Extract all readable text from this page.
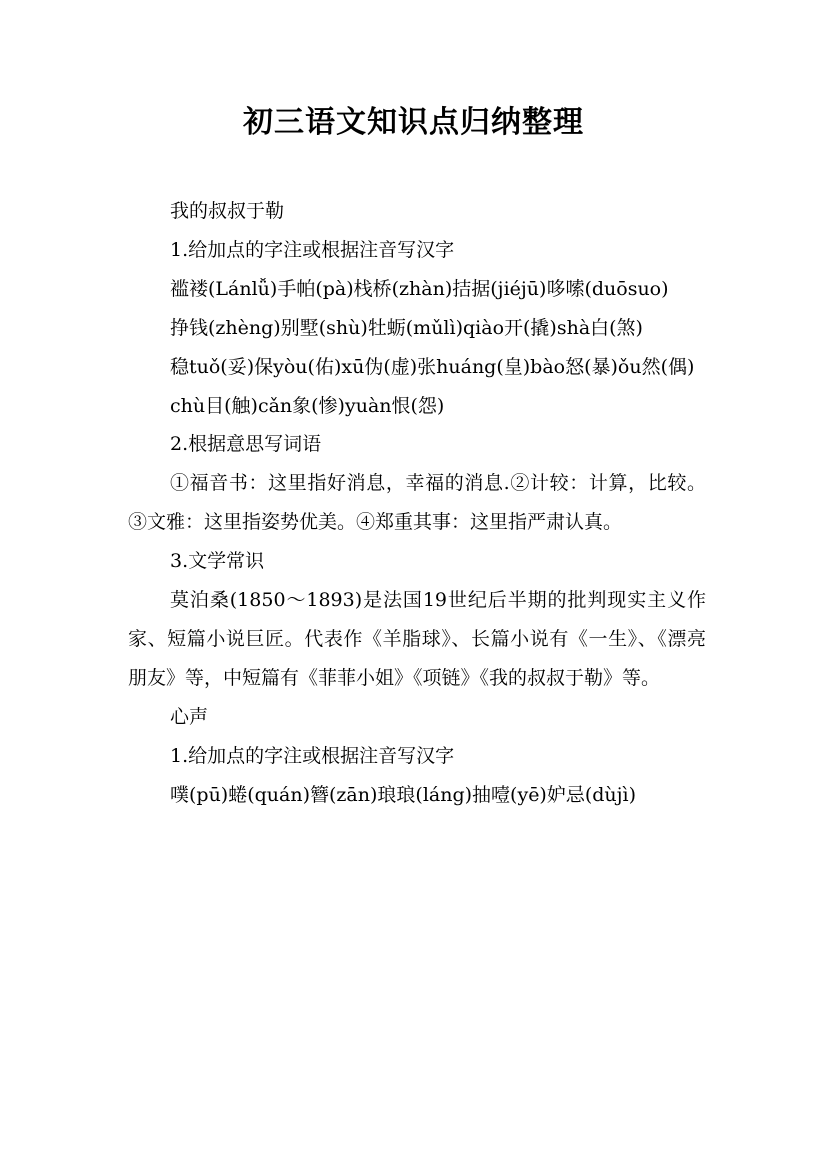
初三语文知识点归纳整理

我的叔叔于勒

1.给加点的字注或根据注音写汉字

褴褛(Lánlǚ)手帕(pà)栈桥(zhàn)拮据(jiéjū)哆嗦(duōsuo)

挣钱(zhèng)别墅(shù)牡蛎(mǔlì)qiào开(撬)shà白(煞)

稳tuǒ(妥)保yòu(佑)xū伪(虚)张huáng(皇)bào怒(暴)ǒu然(偶)

chù目(触)cǎn象(惨)yuàn恨(怨)

2.根据意思写词语

①福音书：这里指好消息，幸福的消息.②计较：计算，比较。③文雅：这里指姿势优美。④郑重其事：这里指严肃认真。

3.文学常识

莫泊桑(1850～1893)是法国19世纪后半期的批判现实主义作家、短篇小说巨匠。代表作《羊脂球》、长篇小说有《一生》、《漂亮朋友》等，中短篇有《菲菲小姐》《项链》《我的叔叔于勒》等。

心声

1.给加点的字注或根据注音写汉字

噗(pū)蜷(quán)簪(zān)琅琅(láng)抽噎(yē)妒忌(dùjì)
